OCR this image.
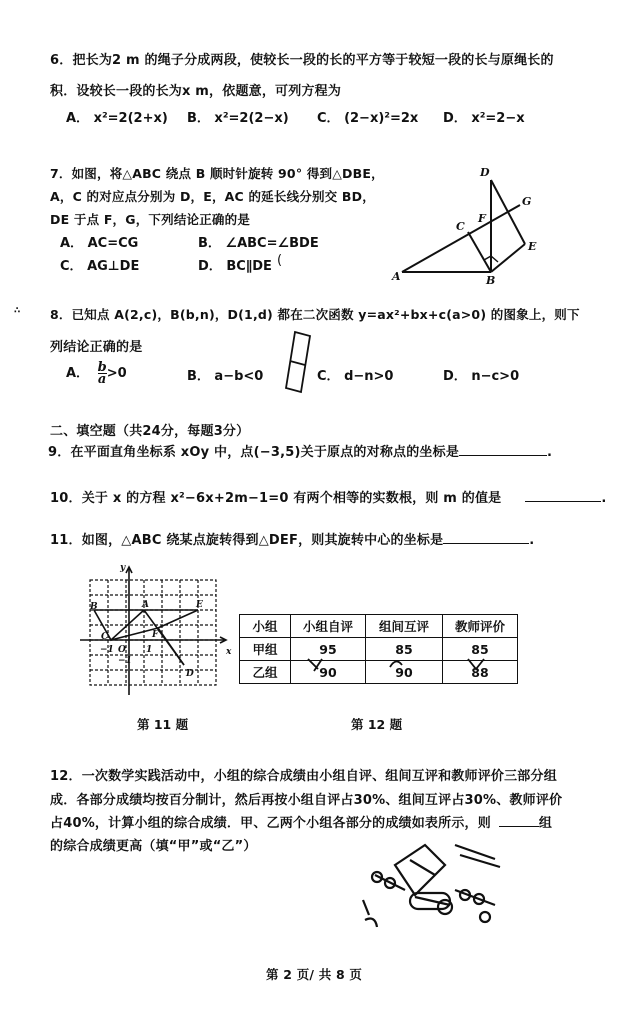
6．把长为2 m 的绳子分成两段，使较长一段的长的平方等于较短一段的长与原绳长的
积．设较长一段的长为x m，依题意，可列方程为
A． x²=2(2+x) B． x²=2(2−x) C． (2−x)²=2x D． x²=2−x
7．如图，将△ABC 绕点 B 顺时针旋转 90° 得到△DBE，
A，C 的对应点分别为 D，E，AC 的延长线分别交 BD，
DE 于点 F，G，下列结论正确的是
A． AC=CG	B． ∠ABC=∠BDE
C． AG⊥DE	D． BC∥DE (
A	B
C
D
E
F
G
∴ 8．已知点 A(2,c)，B(b,n)，D(1,d) 都在二次函数 y=ax²+bx+c(a>0) 的图象上，则下
列结论正确的是
A． $\frac{b}{a} >0$	B． a−b<0	C． d−n>0	D． n−c>0
二、填空题（共24分，每题3分）
9．在平面直角坐标系 xOy 中，点(−3,5)关于原点的对称点的坐标是	.
10．关于 x 的方程 x²−6x+2m−1=0 有两个相等的实数根，则 m 的值是	.
11．如图，△ABC 绕某点旋转得到△DEF，则其旋转中心的坐标是	.
B	A	E
C	F
D
x
y
O 1
−1
−1
第 11 题
小组	小组自评	组间互评	教师评价
甲组	95	85	85
乙组	90	90	88
第 12 题
12．一次数学实践活动中，小组的综合成绩由小组自评、组间互评和教师评价三部分组
成．各部分成绩均按百分制计，然后再按小组自评占30%、组间互评占30%、教师评价
占40%，计算小组的综合成绩．甲、乙两个小组各部分的成绩如表所示，则	组
的综合成绩更高（填“甲”或“乙”）
第 2 页/ 共 8 页
